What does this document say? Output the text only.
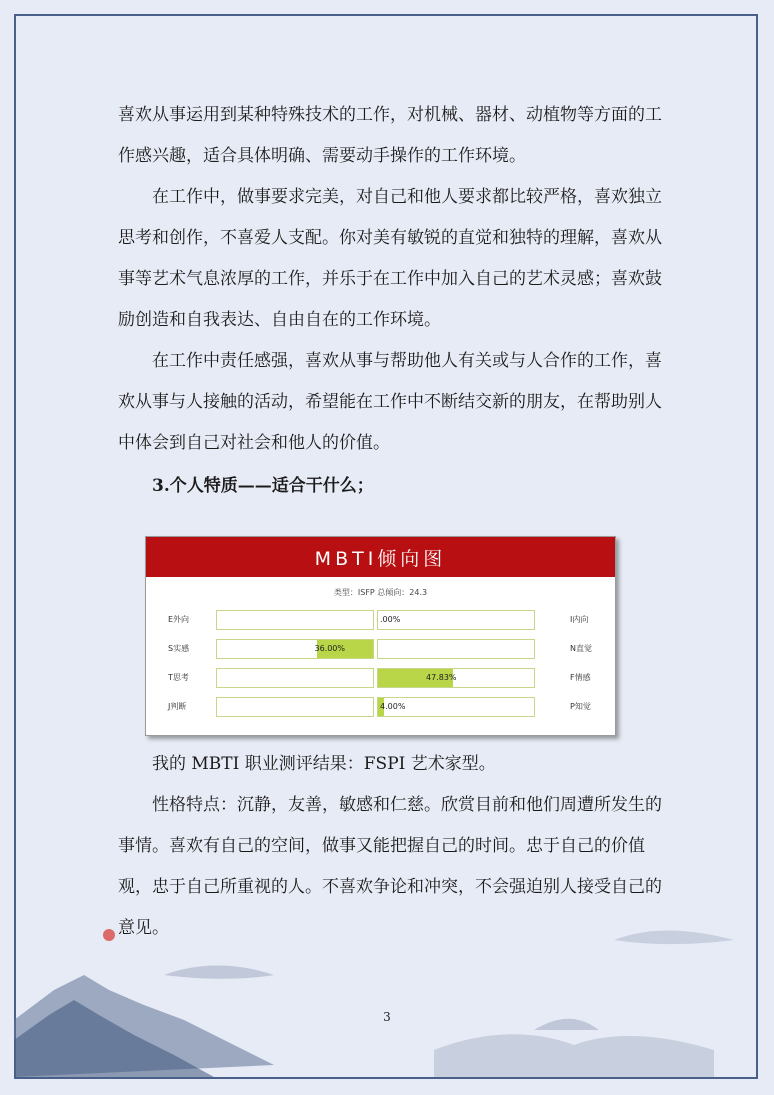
喜欢从事运用到某种特殊技术的工作，对机械、器材、动植物等方面的工作感兴趣，适合具体明确、需要动手操作的工作环境。

在工作中，做事要求完美，对自己和他人要求都比较严格，喜欢独立思考和创作，不喜爱人支配。你对美有敏锐的直觉和独特的理解，喜欢从事等艺术气息浓厚的工作，并乐于在工作中加入自己的艺术灵感；喜欢鼓励创造和自我表达、自由自在的工作环境。

在工作中责任感强，喜欢从事与帮助他人有关或与人合作的工作，喜欢从事与人接触的活动，希望能在工作中不断结交新的朋友，在帮助别人中体会到自己对社会和他人的价值。

3.个人特质——适合干什么；

MBTI倾向图
类型：ISFP 总倾向：24.3
E外向	.00%	I内向
S实感	36.00%	N直觉
T思考	47.83%	F情感
J判断	4.00%	P知觉

我的 MBTI 职业测评结果：FSPI 艺术家型。

性格特点：沉静，友善，敏感和仁慈。欣赏目前和他们周遭所发生的事情。喜欢有自己的空间，做事又能把握自己的时间。忠于自己的价值观，忠于自己所重视的人。不喜欢争论和冲突，不会强迫别人接受自己的意见。

3
